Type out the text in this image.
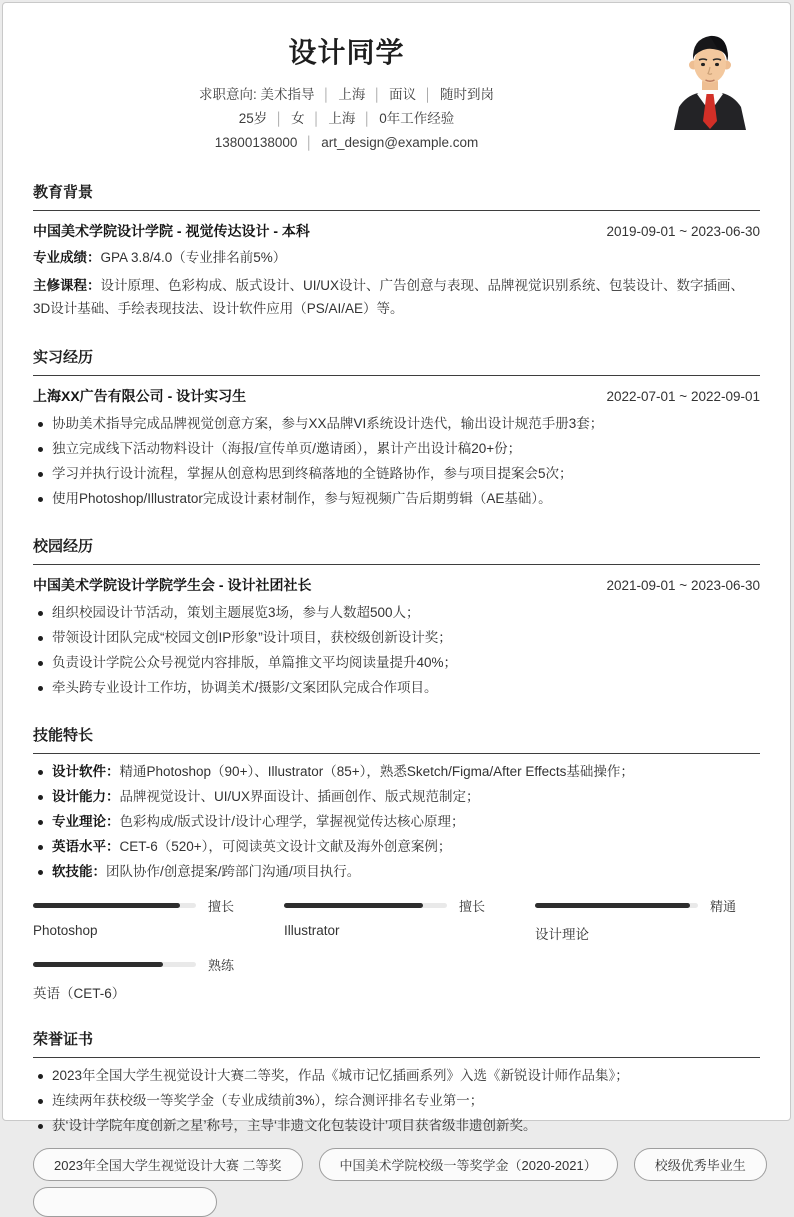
设计同学
求职意向: 美术指导 │ 上海 │ 面议 │ 随时到岗
25岁 │ 女 │ 上海 │ 0年工作经验
13800138000 │ art_design@example.com
教育背景
中国美术学院设计学院 - 视觉传达设计 - 本科	2019-09-01 ~ 2023-06-30

专业成绩：GPA 3.8/4.0（专业排名前5%）

主修课程：设计原理、色彩构成、版式设计、UI/UX设计、广告创意与表现、品牌视觉识别系统、包装设计、数字插画、3D设计基础、手绘表现技法、设计软件应用（PS/AI/AE）等。

实习经历
上海XX广告有限公司 - 设计实习生	2022-07-01 ~ 2022-09-01
协助美术指导完成品牌视觉创意方案，参与XX品牌VI系统设计迭代，输出设计规范手册3套；
独立完成线下活动物料设计（海报/宣传单页/邀请函），累计产出设计稿20+份；
学习并执行设计流程，掌握从创意构思到终稿落地的全链路协作，参与项目提案会5次；
使用Photoshop/Illustrator完成设计素材制作，参与短视频广告后期剪辑（AE基础）。
校园经历
中国美术学院设计学院学生会 - 设计社团社长	2021-09-01 ~ 2023-06-30
组织校园设计节活动，策划主题展览3场，参与人数超500人；
带领设计团队完成“校园文创IP形象”设计项目，获校级创新设计奖；
负责设计学院公众号视觉内容排版，单篇推文平均阅读量提升40%；
牵头跨专业设计工作坊，协调美术/摄影/文案团队完成合作项目。
技能特长
设计软件：精通Photoshop（90+）、Illustrator（85+），熟悉Sketch/Figma/After Effects基础操作；
设计能力：品牌视觉设计、UI/UX界面设计、插画创作、版式规范制定；
专业理论：色彩构成/版式设计/设计心理学，掌握视觉传达核心原理；
英语水平：CET-6（520+），可阅读英文设计文献及海外创意案例；
软技能：团队协作/创意提案/跨部门沟通/项目执行。
擅长
Photoshop
擅长
Illustrator
精通
设计理论
熟练
英语（CET-6）
荣誉证书
2023年全国大学生视觉设计大赛二等奖，作品《城市记忆插画系列》入选《新锐设计师作品集》；
连续两年获校级一等奖学金（专业成绩前3%），综合测评排名专业第一；
获‘设计学院年度创新之星’称号，主导‘非遗文化包装设计’项目获省级非遗创新奖。
2023年全国大学生视觉设计大赛 二等奖	中国美术学院校级一等奖学金（2020-2021）	校级优秀毕业生
